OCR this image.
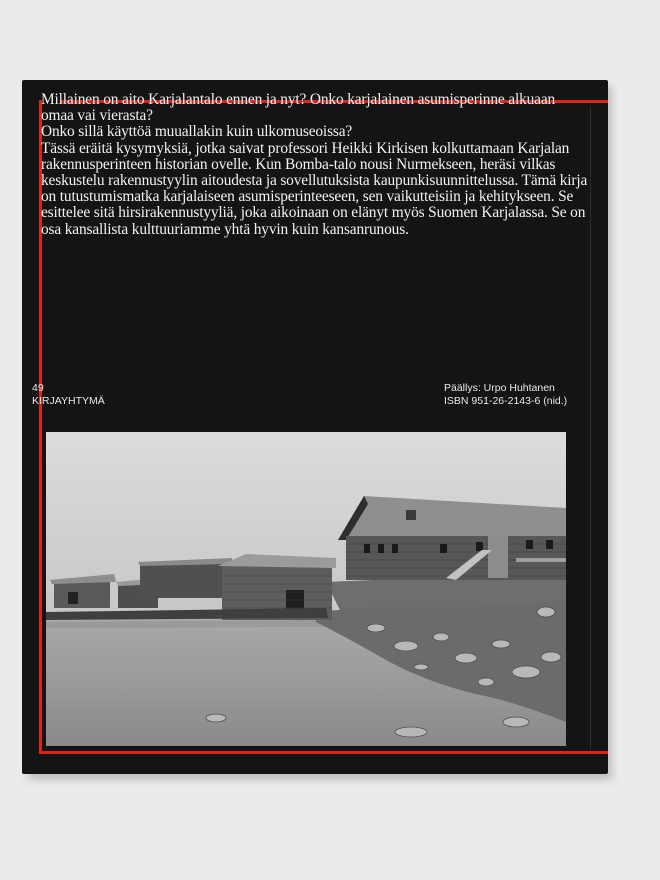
Millainen on aito Karjalantalo ennen ja nyt? Onko karjalainen asumisperinne alkuaan omaa vai vierasta?

Onko sillä käyttöä muuallakin kuin ulkomuseoissa?

Tässä eräitä kysymyksiä, jotka saivat professori Heikki Kirkisen kolkuttamaan Karjalan rakennusperinteen historian ovelle. Kun Bomba-talo nousi Nurmekseen, heräsi vilkas keskustelu rakennustyylin aitoudesta ja sovellutuksista kaupunkisuunnittelussa. Tämä kirja on tutustumismatka karjalaiseen asumisperinteeseen, sen vaikutteisiin ja kehitykseen. Se esittelee sitä hirsirakennustyyliä, joka aikoinaan on elänyt myös Suomen Karjalassa. Se on osa kansallista kulttuuriamme yhtä hyvin kuin kansanrunous.

49
KIRJAYHTYMÄ
Päällys: Urpo Huhtanen
ISBN 951-26-2143-6 (nid.)
